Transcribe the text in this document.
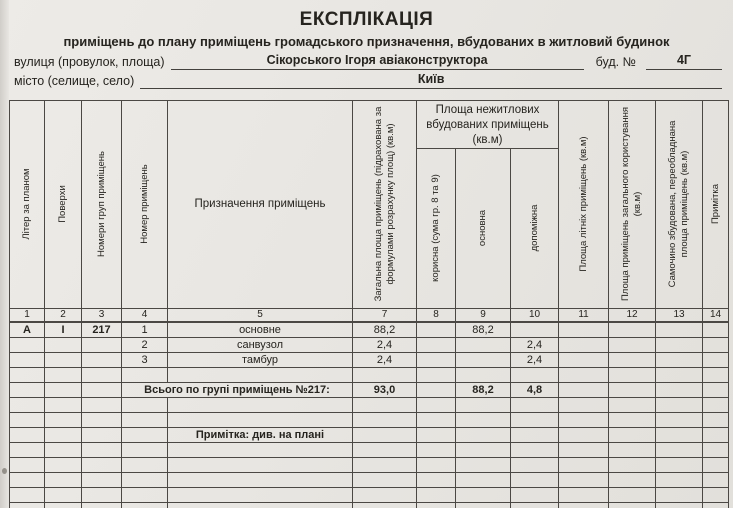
ЕКСПЛІКАЦІЯ
приміщень до плану приміщень громадського призначення, вбудованих в житловий будинок
вулиця (провулок, площа)	Сікорського Ігоря авіаконструктора	буд. №	4Г
місто (селище, село)	Київ
Літер за планом	Поверхи	Номери груп приміщень	Номер приміщень	Призначення приміщень	Загальна площа приміщень (підрахована за формулами розрахунку площ) (кв.м)	Площа нежитлових вбудованих приміщень (кв.м)			Площа літніх приміщень (кв.м)	Площа приміщень загального користування (кв.м)	Самочино збудована, переобладнана площа приміщень (кв.м)	Примітка

						корисна (сума гр. 8 та 9)	основна	допоміжна				

1	2	3	4	5	7	8	9	10	11	12	13	14
А	І	217	1	основне	88,2		88,2					
			2	санвузол	2,4			2,4				
			3	тамбур	2,4			2,4				

			Всього по групі приміщень №217:		93,0		88,2	4,8				

				Примітка: див. на плані								
